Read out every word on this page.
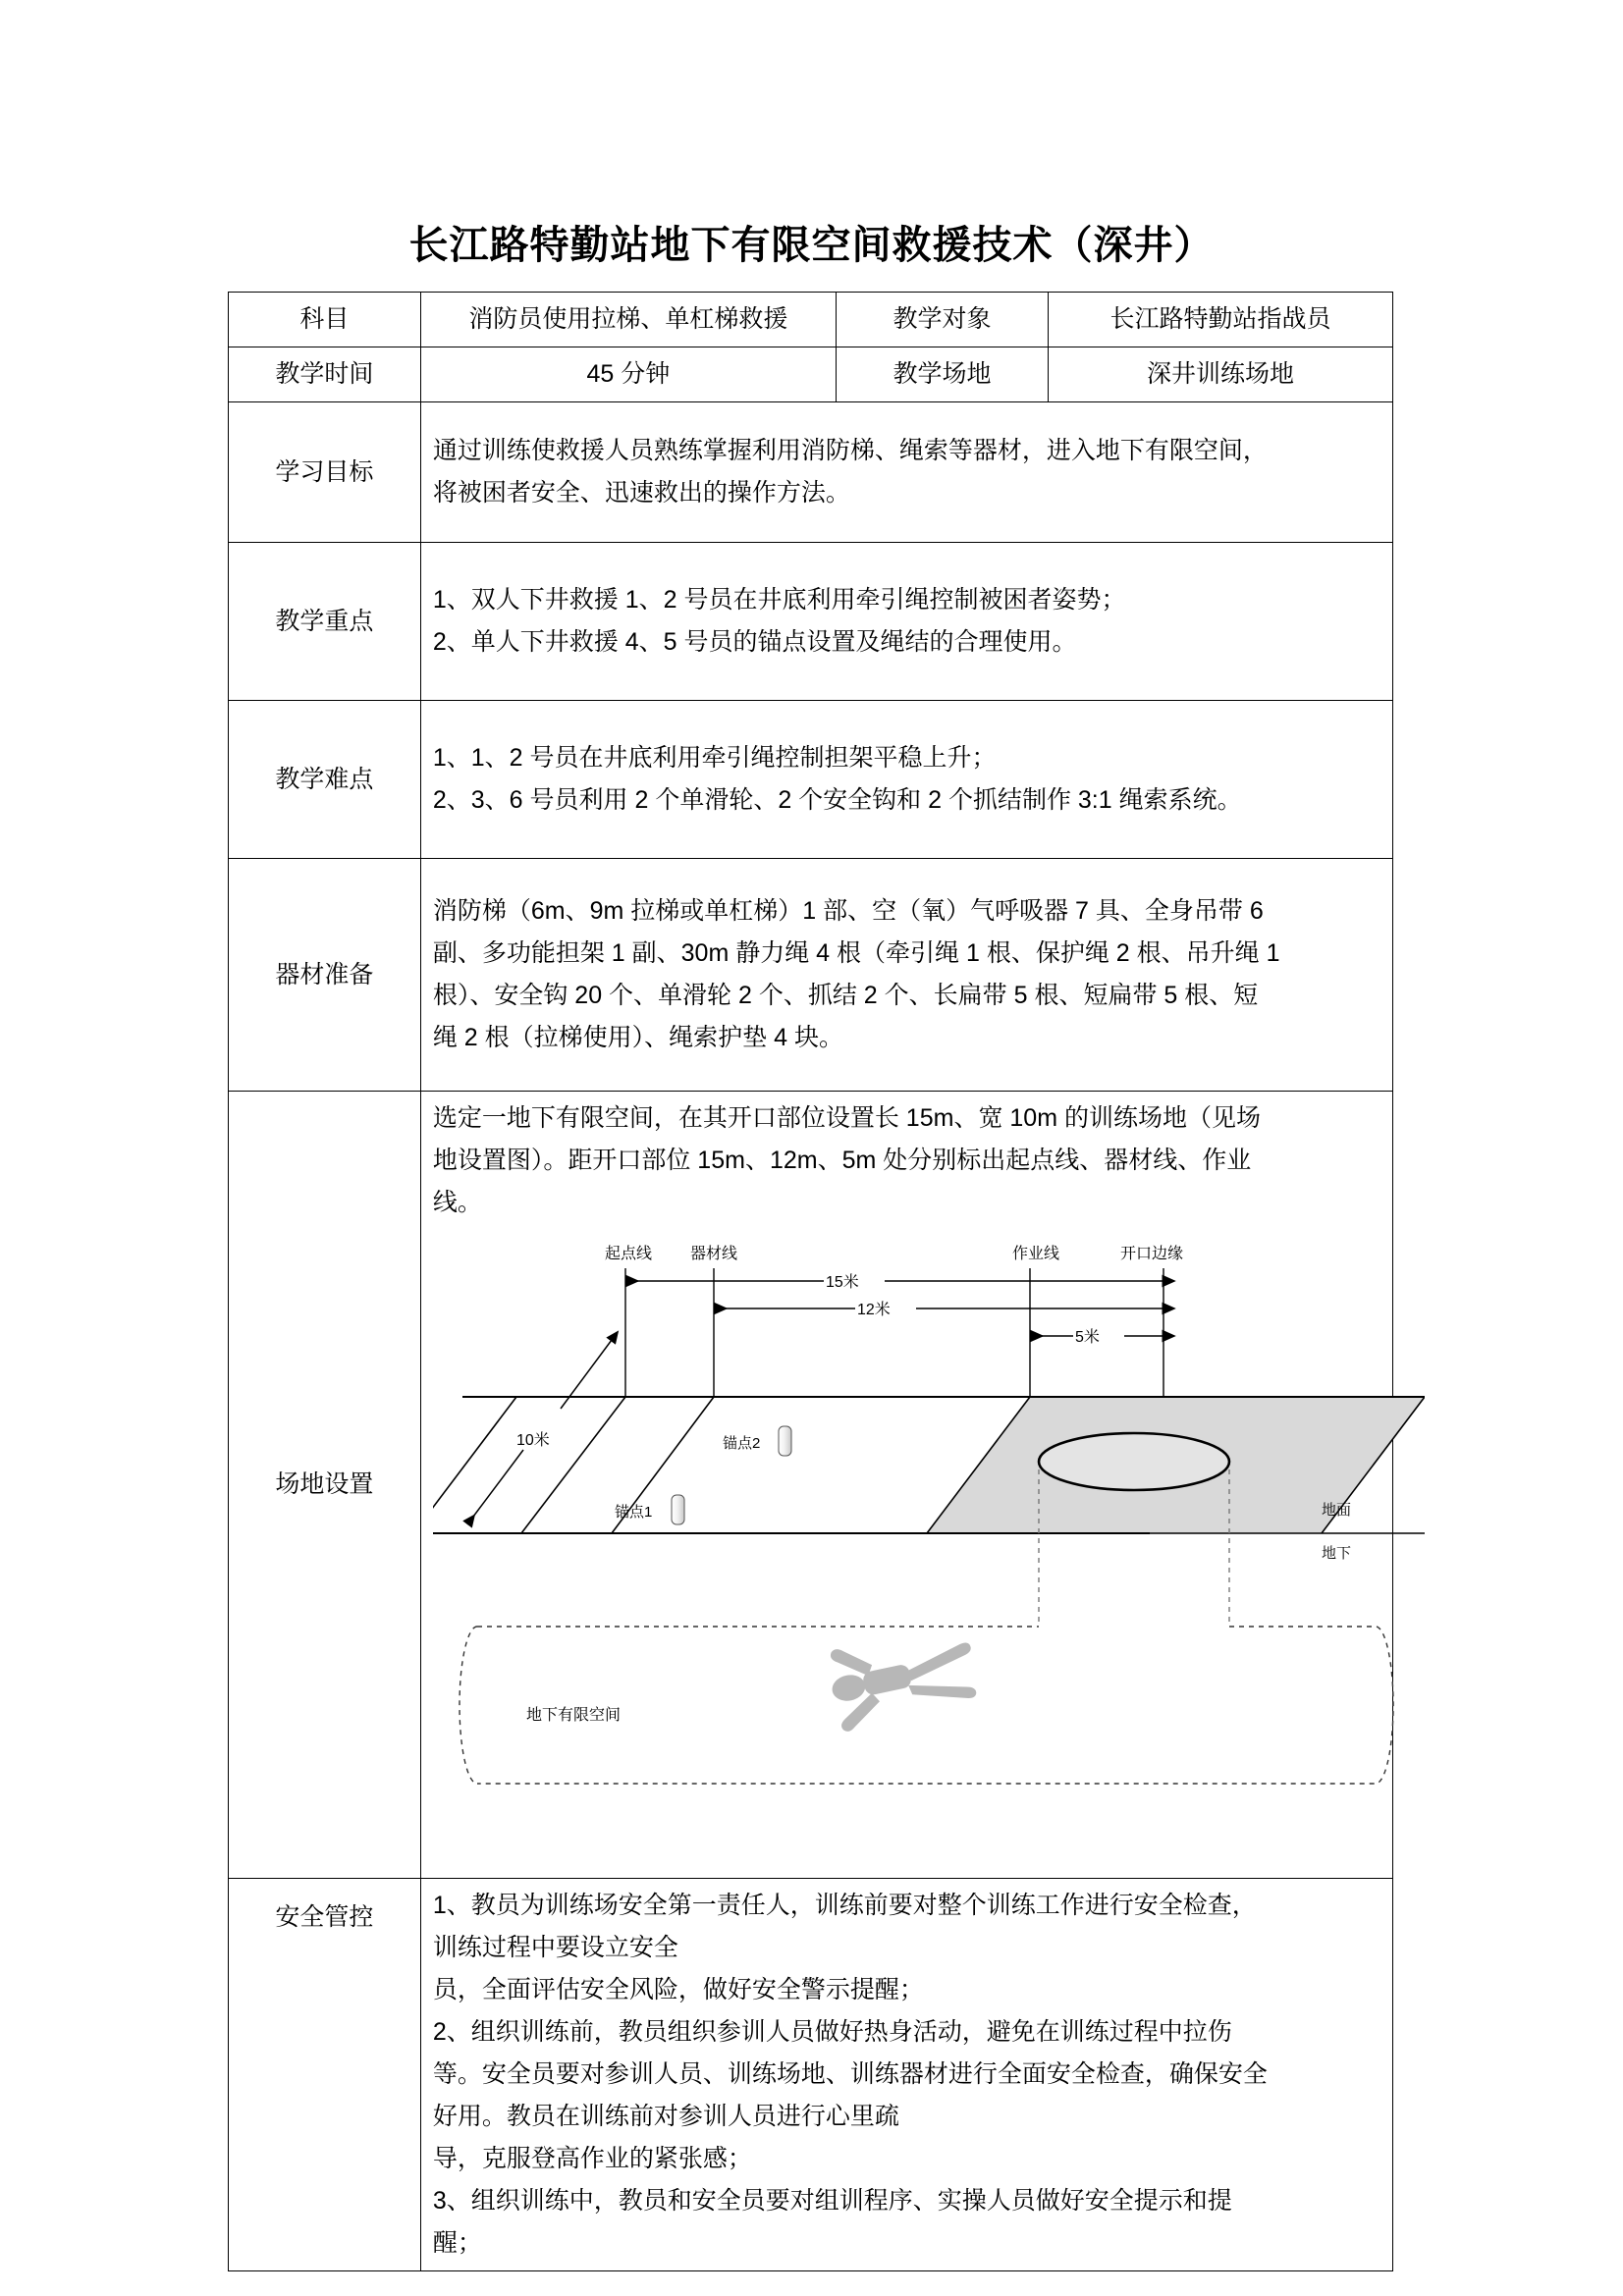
长江路特勤站地下有限空间救援技术（深井）
科目	消防员使用拉梯、单杠梯救援	教学对象	长江路特勤站指战员
教学时间	45 分钟	教学场地	深井训练场地
学习目标	通过训练使救援人员熟练掌握利用消防梯、绳索等器材，进入地下有限空间，
将被困者安全、迅速救出的操作方法。		

教学重点	1、双人下井救援 1、2 号员在井底利用牵引绳控制被困者姿势；
2、单人下井救援 4、5 号员的锚点设置及绳结的合理使用。		

教学难点	1、1、2 号员在井底利用牵引绳控制担架平稳上升；
2、3、6 号员利用 2 个单滑轮、2 个安全钩和 2 个抓结制作 3:1 绳索系统。		

器材准备	消防梯（6m、9m 拉梯或单杠梯）1 部、空（氧）气呼吸器 7 具、全身吊带 6
副、多功能担架 1 副、30m 静力绳 4 根（牵引绳 1 根、保护绳 2 根、吊升绳 1
根）、安全钩 20 个、单滑轮 2 个、抓结 2 个、长扁带 5 根、短扁带 5 根、短
绳 2 根（拉梯使用）、绳索护垫 4 块。		

场地设置	
选定一地下有限空间，在其开口部位设置长 15m、宽 10m 的训练场地（见场
地设置图）。距开口部位 15m、12m、5m 处分别标出起点线、器材线、作业
线。
起点线 器材线	作业线	开口边缘
15米
12米
5米
10米	锚点2
锚点1	地面
地下
地下有限空间

安全管控	1、教员为训练场安全第一责任人，训练前要对整个训练工作进行安全检查，
训练过程中要设立安全
员，全面评估安全风险，做好安全警示提醒；
2、组织训练前，教员组织参训人员做好热身活动，避免在训练过程中拉伤
等。安全员要对参训人员、训练场地、训练器材进行全面安全检查，确保安全
好用。教员在训练前对参训人员进行心里疏
导，克服登高作业的紧张感；
3、组织训练中，教员和安全员要对组训程序、实操人员做好安全提示和提
醒；
